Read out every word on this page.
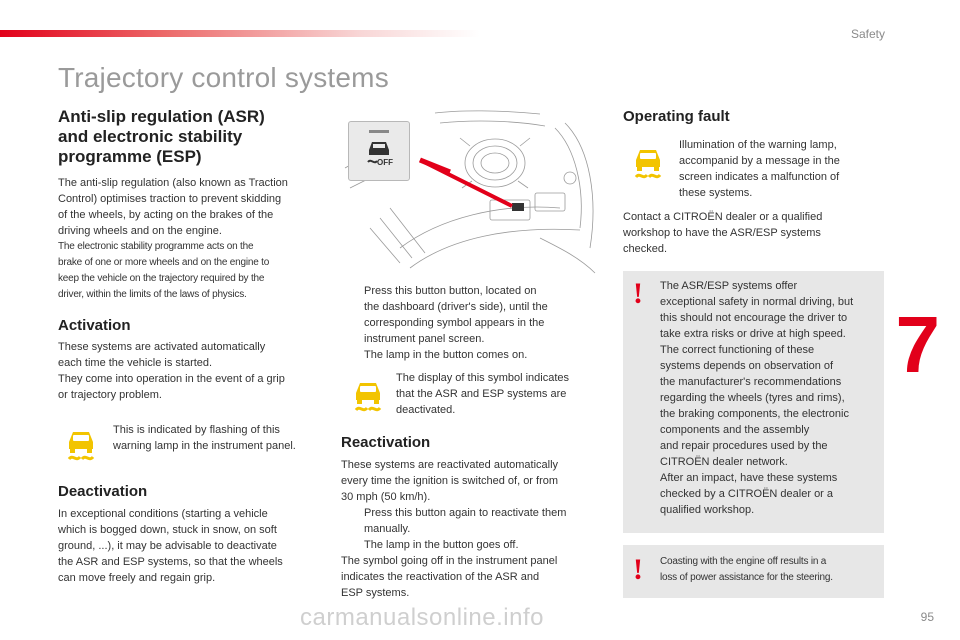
Safety
Trajectory control systems
Anti-slip regulation (ASR)
and electronic stability
programme (ESP)
The anti-slip regulation (also known as Traction
Control) optimises traction to prevent skidding
of the wheels, by acting on the brakes of the
driving wheels and on the engine.
The electronic stability programme acts on the
brake of one or more wheels and on the engine to
keep the vehicle on the trajectory required by the
driver, within the limits of the laws of physics.
Activation
These systems are activated automatically
each time the vehicle is started.
They come into operation in the event of a grip
or trajectory problem.
This is indicated by flashing of this
warning lamp in the instrument panel.
Deactivation
In exceptional conditions (starting a vehicle
which is bogged down, stuck in snow, on soft
ground, ...), it may be advisable to deactivate
the ASR and ESP systems, so that the wheels
can move freely and regain grip.
OFF
Press this button button, located on
the dashboard (driver's side), until the
corresponding symbol appears in the
instrument panel screen.
The lamp in the button comes on.
The display of this symbol indicates
that the ASR and ESP systems are
deactivated.
Reactivation
These systems are reactivated automatically
every time the ignition is switched of, or from
30 mph (50 km/h).
Press this button again to reactivate them
manually.
The lamp in the button goes off.
The symbol going off in the instrument panel
indicates the reactivation of the ASR and
ESP systems.
Operating fault
Illumination of the warning lamp,
accompanid by a message in the
screen indicates a malfunction of
these systems.
Contact a CITROËN dealer or a qualified
workshop to have the ASR/ESP systems
checked.
! The ASR/ESP systems offer
exceptional safety in normal driving, but
this should not encourage the driver to
take extra risks or drive at high speed.
The correct functioning of these
systems depends on observation of
the manufacturer's recommendations
regarding the wheels (tyres and rims),
the braking components, the electronic
components and the assembly
and repair procedures used by the
CITROËN dealer network.
After an impact, have these systems
checked by a CITROËN dealer or a
qualified workshop.
! Coasting with the engine off results in a
loss of power assistance for the steering.
7
95
carmanualsonline.info
